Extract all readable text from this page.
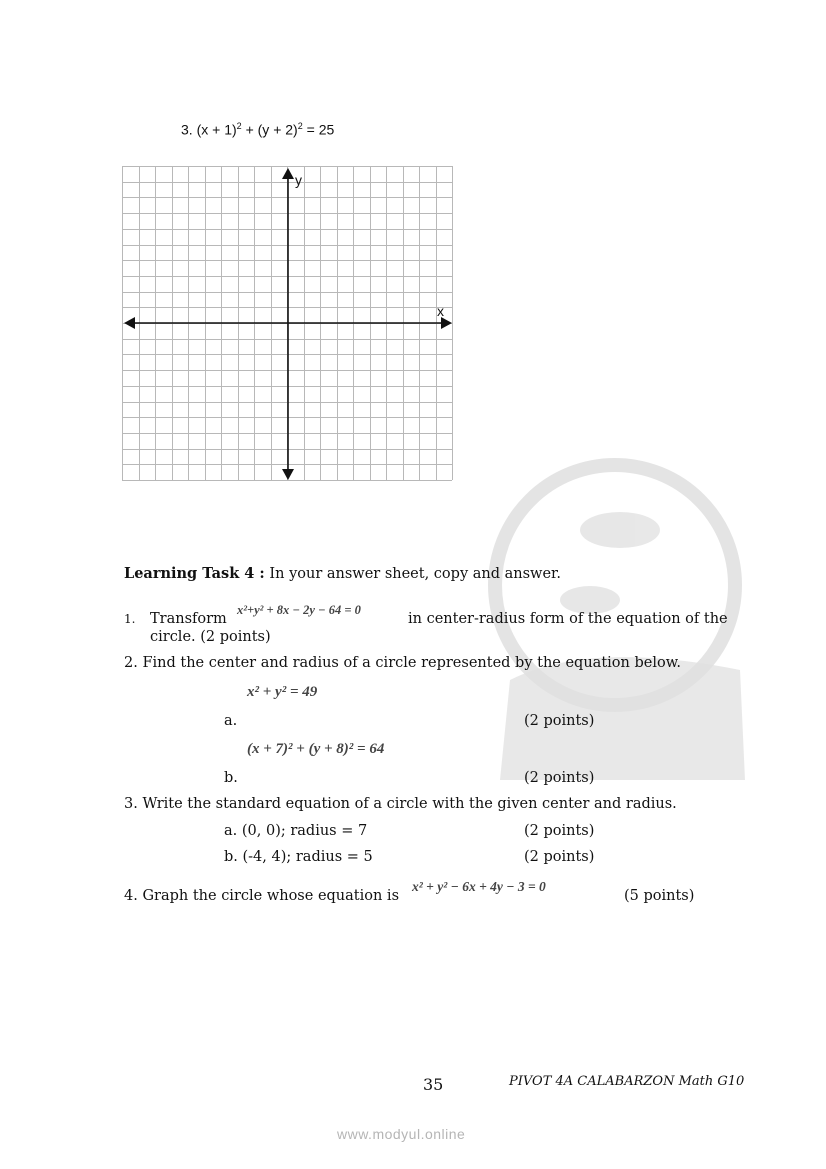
3. $(x + 1)^2 + (y + 2)^2 = 25$
y
x
Learning Task 4 : In your answer sheet, copy and answer.
1. Transform
x²+y² + 8x − 2y − 64 = 0
in center-radius form of the equation of the
circle. (2 points)
2. Find the center and radius of a circle represented by the equation below.
x² + y² = 49
a.	(2 points)
(x + 7)² + (y + 8)² = 64
b.	(2 points)
3. Write the standard equation of a circle with the given center and radius.
a. (0, 0); radius = 7	(2 points)
b. (-4, 4); radius = 5	(2 points)
4. Graph the circle whose equation is
x² + y² − 6x + 4y − 3 = 0
(5 points)
35	PIVOT 4A CALABARZON Math G10
www.modyul.online
